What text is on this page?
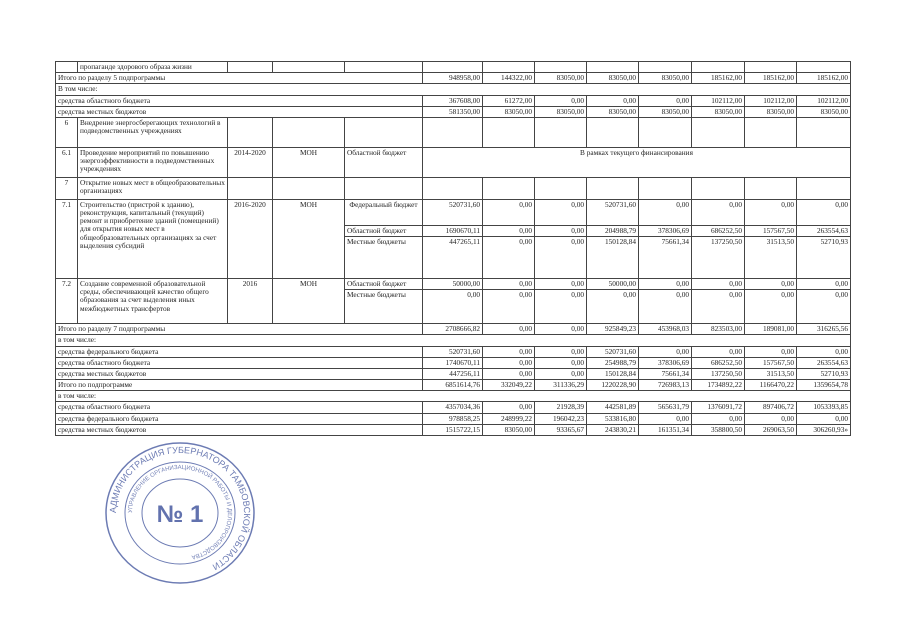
	пропаганде здорового образа жизни											
Итого по разделу 5 подпрограммы					948958,00	144322,00	83050,00	83050,00	83050,00	185162,00	185162,00	185162,00
В том числе:												
средства областного бюджета					367608,00	61272,00	0,00	0,00	0,00	102112,00	102112,00	102112,00
средства местных бюджетов					581350,00	83050,00	83050,00	83050,00	83050,00	83050,00	83050,00	83050,00
6	Внедрение энергосберегающих технологий в подведомственных учреждениях											
6.1	Проведение мероприятий по повышению энергоэффективности в подведомственных учреждениях	2014-2020	МОН	Областной бюджет	В рамках текущего финансирования							
7	Открытие новых мест в общеобразовательных организациях											
7.1	Строительство (пристрой к зданию), реконструкция, капитальный (текущий) ремонт и приобретение зданий (помещений) для открытия новых мест в общеобразовательных организациях за счет выделения субсидий	2016-2020	МОН	Федеральный бюджет	520731,60	0,00	0,00	520731,60	0,00	0,00	0,00	0,00
				Областной бюджет	1690670,11	0,00	0,00	204988,79	378306,69	686252,50	157567,50	263554,63
				Местные бюджеты	447265,11	0,00	0,00	150128,84	75661,34	137250,50	31513,50	52710,93
7.2	Создание современной образовательной среды, обеспечивающей качество общего образования за счет выделения иных межбюджетных трансфертов	2016	МОН	Областной бюджет	50000,00	0,00	0,00	50000,00	0,00	0,00	0,00	0,00
				Местные бюджеты	0,00	0,00	0,00	0,00	0,00	0,00	0,00	0,00
Итого по разделу 7 подпрограммы					2708666,82	0,00	0,00	925849,23	453968,03	823503,00	189081,00	316265,56
в том числе:												
средства федерального бюджета					520731,60	0,00	0,00	520731,60	0,00	0,00	0,00	0,00
средства областного бюджета					1740670,11	0,00	0,00	254988,79	378306,69	686252,50	157567,50	263554,63
средства местных бюджетов					447256,11	0,00	0,00	150128,84	75661,34	137250,50	31513,50	52710,93
Итого по подпрограмме					6851614,76	332049,22	311336,29	1220228,90	726983,13	1734892,22	1166470,22	1359654,78
в том числе:												
средства областного бюджета					4357034,36	0,00	21928,39	442581,89	565631,79	1376091,72	897406,72	1053393,85
средства федерального бюджета					978858,25	248999,22	196042,23	533816,80	0,00	0,00	0,00	0,00
средства местных бюджетов					1515722,15	83050,00	93365,67	243830,21	161351,34	358800,50	269063,50	306260,93»
АДМИНИСТРАЦИЯ ГУБЕРНАТОРА ТАМБОВСКОЙ ОБЛАСТИ
УПРАВЛЕНИЕ ОРГАНИЗАЦИОННОЙ РАБОТЫ И ДЕЛОПРОИЗВОДСТВА
№ 1
